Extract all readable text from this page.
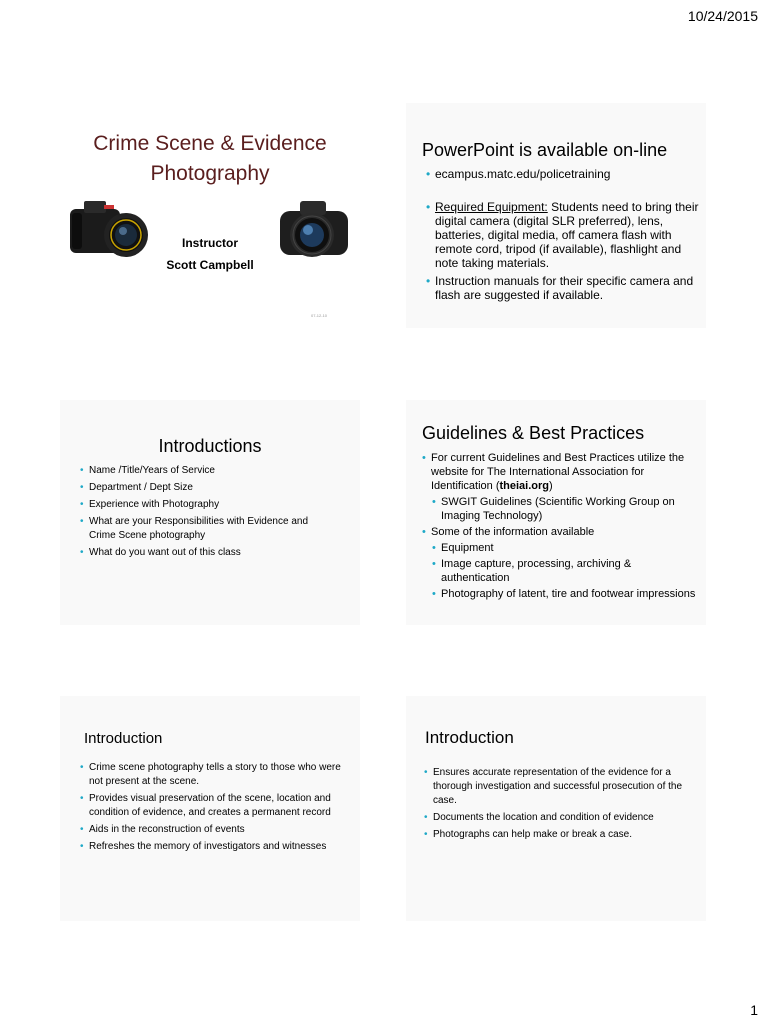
10/24/2015
Crime Scene & Evidence
Photography
Instructor
Scott Campbell
07-12-10
PowerPoint is available on-line
• ecampus.matc.edu/policetraining
• Required Equipment: Students need to bring their digital camera (digital SLR preferred), lens, batteries, digital media, off camera flash with remote cord, tripod (if available), flashlight and note taking materials.
• Instruction manuals for their specific camera and flash are suggested if available.
Introductions
• Name /Title/Years of Service
• Department / Dept Size
• Experience with Photography
• What are your Responsibilities with Evidence and Crime Scene photography
• What do you want out of this class
Guidelines & Best Practices
• For current Guidelines and Best Practices utilize the website for The International Association for Identification (theiai.org)
• SWGIT Guidelines (Scientific Working Group on Imaging Technology)
• Some of the information available
• Equipment
• Image capture, processing, archiving & authentication
• Photography of latent, tire and footwear impressions
Introduction
• Crime scene photography tells a story to those who were not present at the scene.
• Provides visual preservation of the scene, location and condition of evidence, and creates a permanent record
• Aids in the reconstruction of events
• Refreshes the memory of investigators and witnesses
Introduction
• Ensures accurate representation of the evidence for a thorough investigation and successful prosecution of the case.
• Documents the location and condition of evidence
• Photographs can help make or break a case.
1
